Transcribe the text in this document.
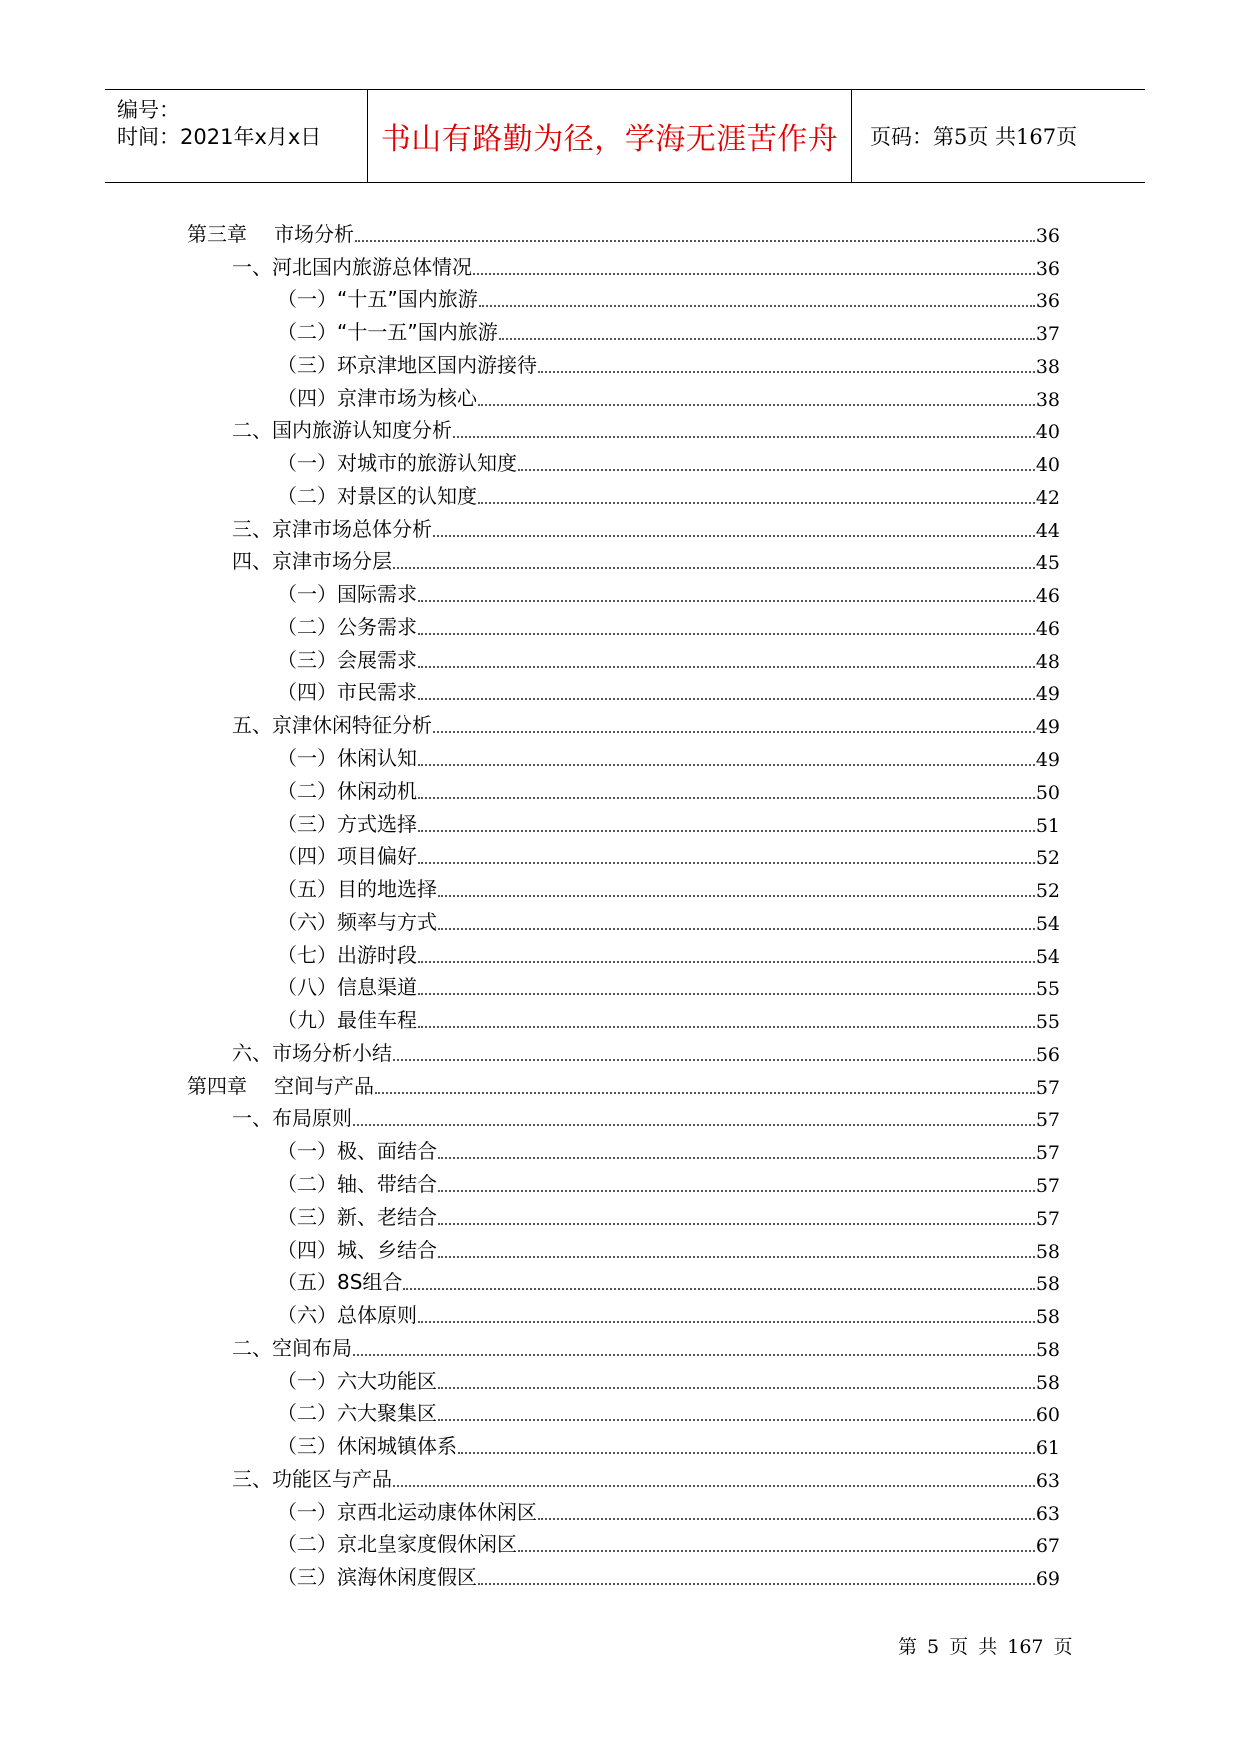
编号：
时间：2021年x月x日 书山有路勤为径，学海无涯苦作舟 页码：第5页 共167页
第三章 市场分析	36
一、河北国内旅游总体情况	36
（一）“十五”国内旅游	36
（二）“十一五”国内旅游	37
（三）环京津地区国内游接待	38
（四）京津市场为核心	38
二、国内旅游认知度分析	40
（一）对城市的旅游认知度	40
（二）对景区的认知度	42
三、京津市场总体分析	44
四、京津市场分层	45
（一）国际需求	46
（二）公务需求	46
（三）会展需求	48
（四）市民需求	49
五、京津休闲特征分析	49
（一）休闲认知	49
（二）休闲动机	50
（三）方式选择	51
（四）项目偏好	52
（五）目的地选择	52
（六）频率与方式	54
（七）出游时段	54
（八）信息渠道	55
（九）最佳车程	55
六、市场分析小结	56
第四章 空间与产品	57
一、布局原则	57
（一）极、面结合	57
（二）轴、带结合	57
（三）新、老结合	57
（四）城、乡结合	58
（五）8S组合	58
（六）总体原则	58
二、空间布局	58
（一）六大功能区	58
（二）六大聚集区	60
（三）休闲城镇体系	61
三、功能区与产品	63
（一）京西北运动康体休闲区	63
（二）京北皇家度假休闲区	67
（三）滨海休闲度假区	69
第 5 页 共 167 页
